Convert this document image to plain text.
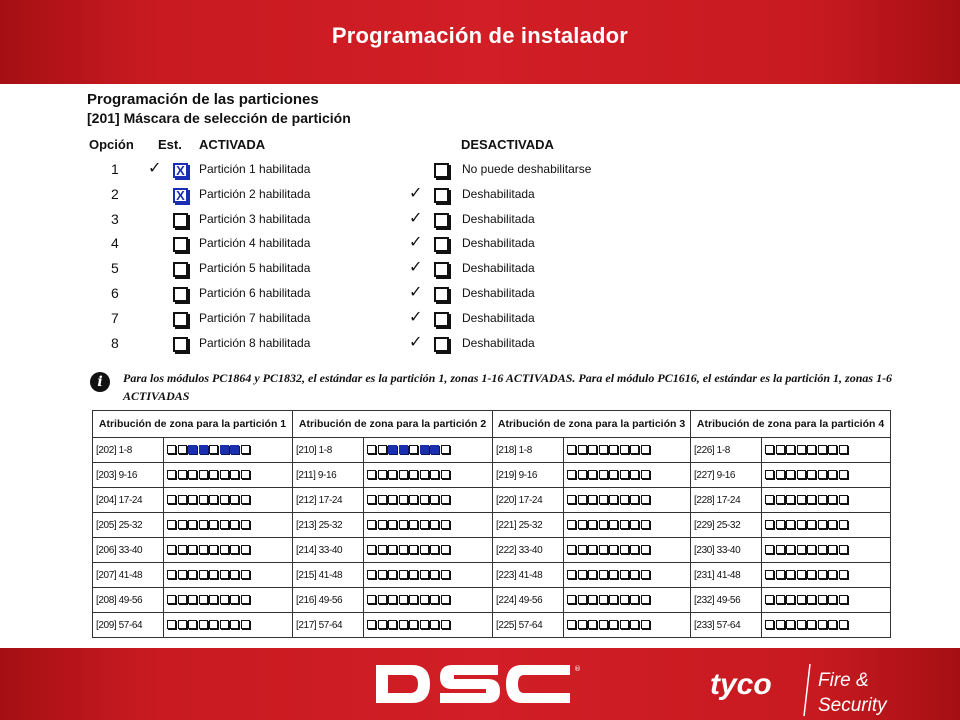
Programación de instalador
Programación de las particiones
[201] Máscara de selección de partición
Opción Est. ACTIVADA	DESACTIVADA
1 ✓ X Partición 1 habilitada	No puede deshabilitarse
2	X Partición 2 habilitada	✓	Deshabilitada
3	Partición 3 habilitada	✓	Deshabilitada
4	Partición 4 habilitada	✓	Deshabilitada
5	Partición 5 habilitada	✓	Deshabilitada
6	Partición 6 habilitada	✓	Deshabilitada
7	Partición 7 habilitada	✓	Deshabilitada
8	Partición 8 habilitada	✓	Deshabilitada
i	Para los módulos PC1864 y PC1832, el estándar es la partición 1, zonas 1-16 ACTIVADAS. Para el módulo PC1616, el estándar es la partición 1, zonas 1-6 ACTIVADAS
Atribución de zona para la partición 1		Atribución de zona para la partición 2		Atribución de zona para la partición 3		Atribución de zona para la partición 4	
[202] 1-8		[210] 1-8		[218] 1-8		[226] 1-8	
[203] 9-16		[211] 9-16		[219] 9-16		[227] 9-16	
[204] 17-24		[212] 17-24		[220] 17-24		[228] 17-24	
[205] 25-32		[213] 25-32		[221] 25-32		[229] 25-32	
[206] 33-40		[214] 33-40		[222] 33-40		[230] 33-40	
[207] 41-48		[215] 41-48		[223] 41-48		[231] 41-48	
[208] 49-56		[216] 49-56		[224] 49-56		[232] 49-56	
[209] 57-64		[217] 57-64		[225] 57-64		[233] 57-64	
®	tyco Fire &
Security
